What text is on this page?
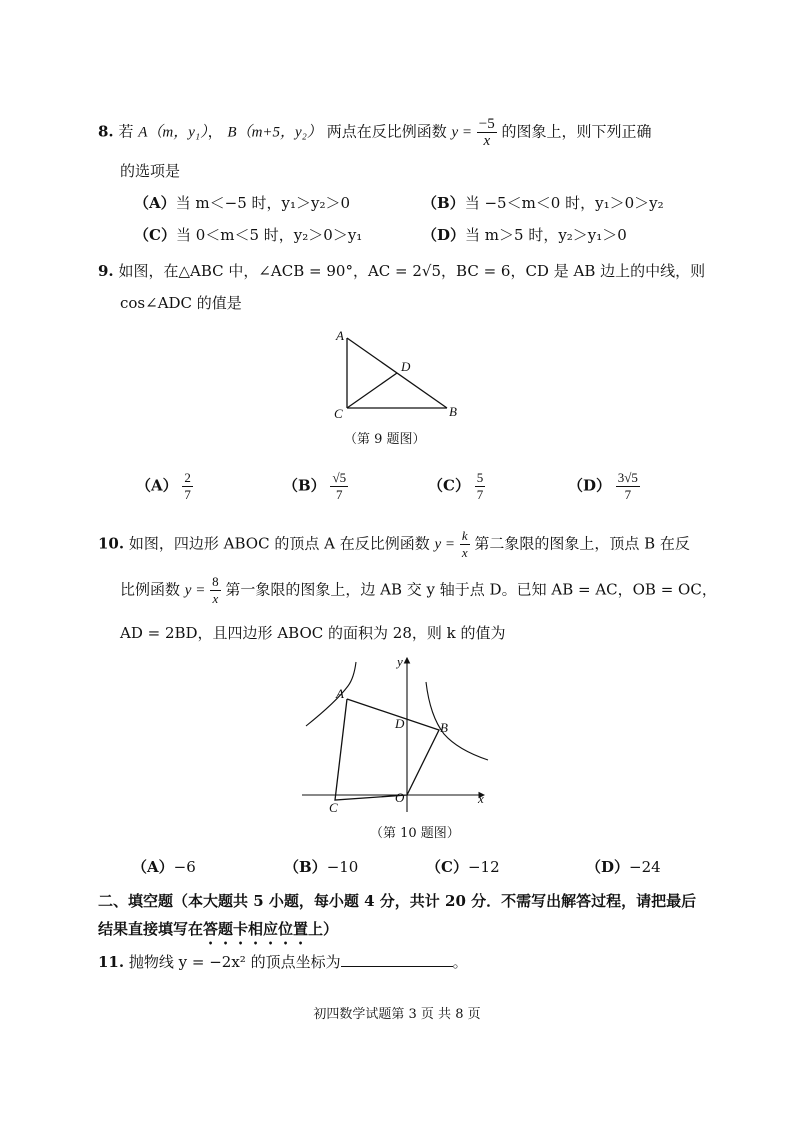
8. 若 A（m，y₁）， B（m+5，y₂） 两点在反比例函数 $y = \frac{-5}{x}$ 的图象上，则下列正确
的选项是
（A）当 m＜−5 时，y₁＞y₂＞0	（B）当 −5＜m＜0 时，y₁＞0＞y₂
（C）当 0＜m＜5 时，y₂＞0＞y₁	（D）当 m＞5 时，y₂＞y₁＞0
9. 如图，在△ABC 中，∠ACB = 90°，AC = 2√5，BC = 6，CD 是 AB 边上的中线，则
cos∠ADC 的值是
A
D
C	B
（第 9 题图）
$(A) \frac{2}{7}$	$(B) \frac{√5}{7}$	$(C) \frac{5}{7}$	$(D) \frac{3√5}{7}$
10. 如图，四边形 ABOC 的顶点 A 在反比例函数 $y = \frac{k}{x}$ 第二象限的图象上，顶点 B 在反
比例函数 $y = \frac{8}{x}$ 第一象限的图象上，边 AB 交 y 轴于点 D。已知 AB = AC，OB = OC，
AD = 2BD，且四边形 ABOC 的面积为 28，则 k 的值为
A
D	B
O
C
x
y
（第 10 题图）
（A）−6	（B）−10	（C）−12	（D）−24
二、填空题（本大题共 5 小题，每小题 4 分，共计 20 分．不需写出解答过程，请把最后
结果直接填写在答题卡相应位置上）
11. 抛物线 y = −2x² 的顶点坐标为	。
初四数学试题第 3 页 共 8 页
